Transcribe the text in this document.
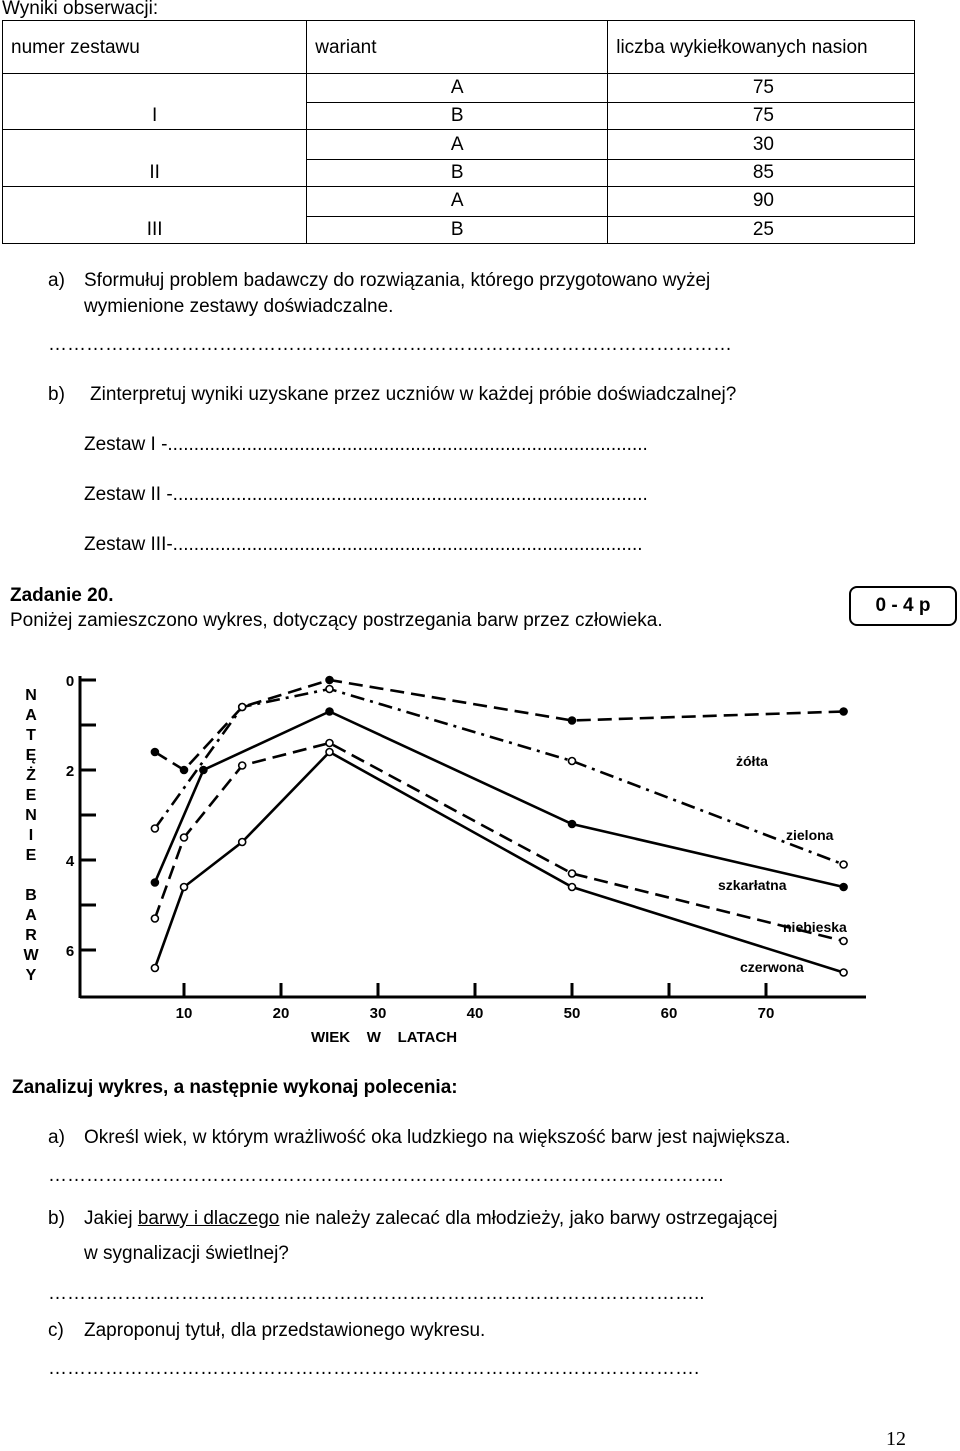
Wyniki obserwacji:
numer zestawu	wariant	liczba wykiełkowanych nasion
I	A	75
	B	75
II	A	30
	B	85
III	A	90
	B	25
a) Sformułuj problem badawczy do rozwiązania, którego przygotowano wyżej
wymienione zestawy doświadczalne.
………………………………………………………………………………………………
b) Zinterpretuj wyniki uzyskane przez uczniów w każdej próbie doświadczalnej?
Zestaw I -...........................................................................................
Zestaw II -..........................................................................................
Zestaw III-.........................................................................................
Zadanie 20.
Poniżej zamieszczono wykres, dotyczący postrzegania barw przez człowieka.
0 - 4 p
N
A
T
Ę
Ż
E
N
I
E
B
A
R
W
Y
0
2
4
6
10	20	30	40	50	60	70
żółta
zielona
szkarłatna
niebieska
czerwona
WIEK    W    LATACH
Zanalizuj wykres, a następnie wykonaj polecenia:
a) Określ wiek, w którym wrażliwość oka ludzkiego na większość barw jest największa.
……………………………………………………………………………………………..
b) Jakiej barwy i dlaczego nie należy zalecać dla młodzieży, jako barwy ostrzegającej
w sygnalizacji świetlnej?
…………………………………………………………………………………………..
c) Zaproponuj tytuł, dla przedstawionego wykresu.
………………………………………………………………………………………….
12
